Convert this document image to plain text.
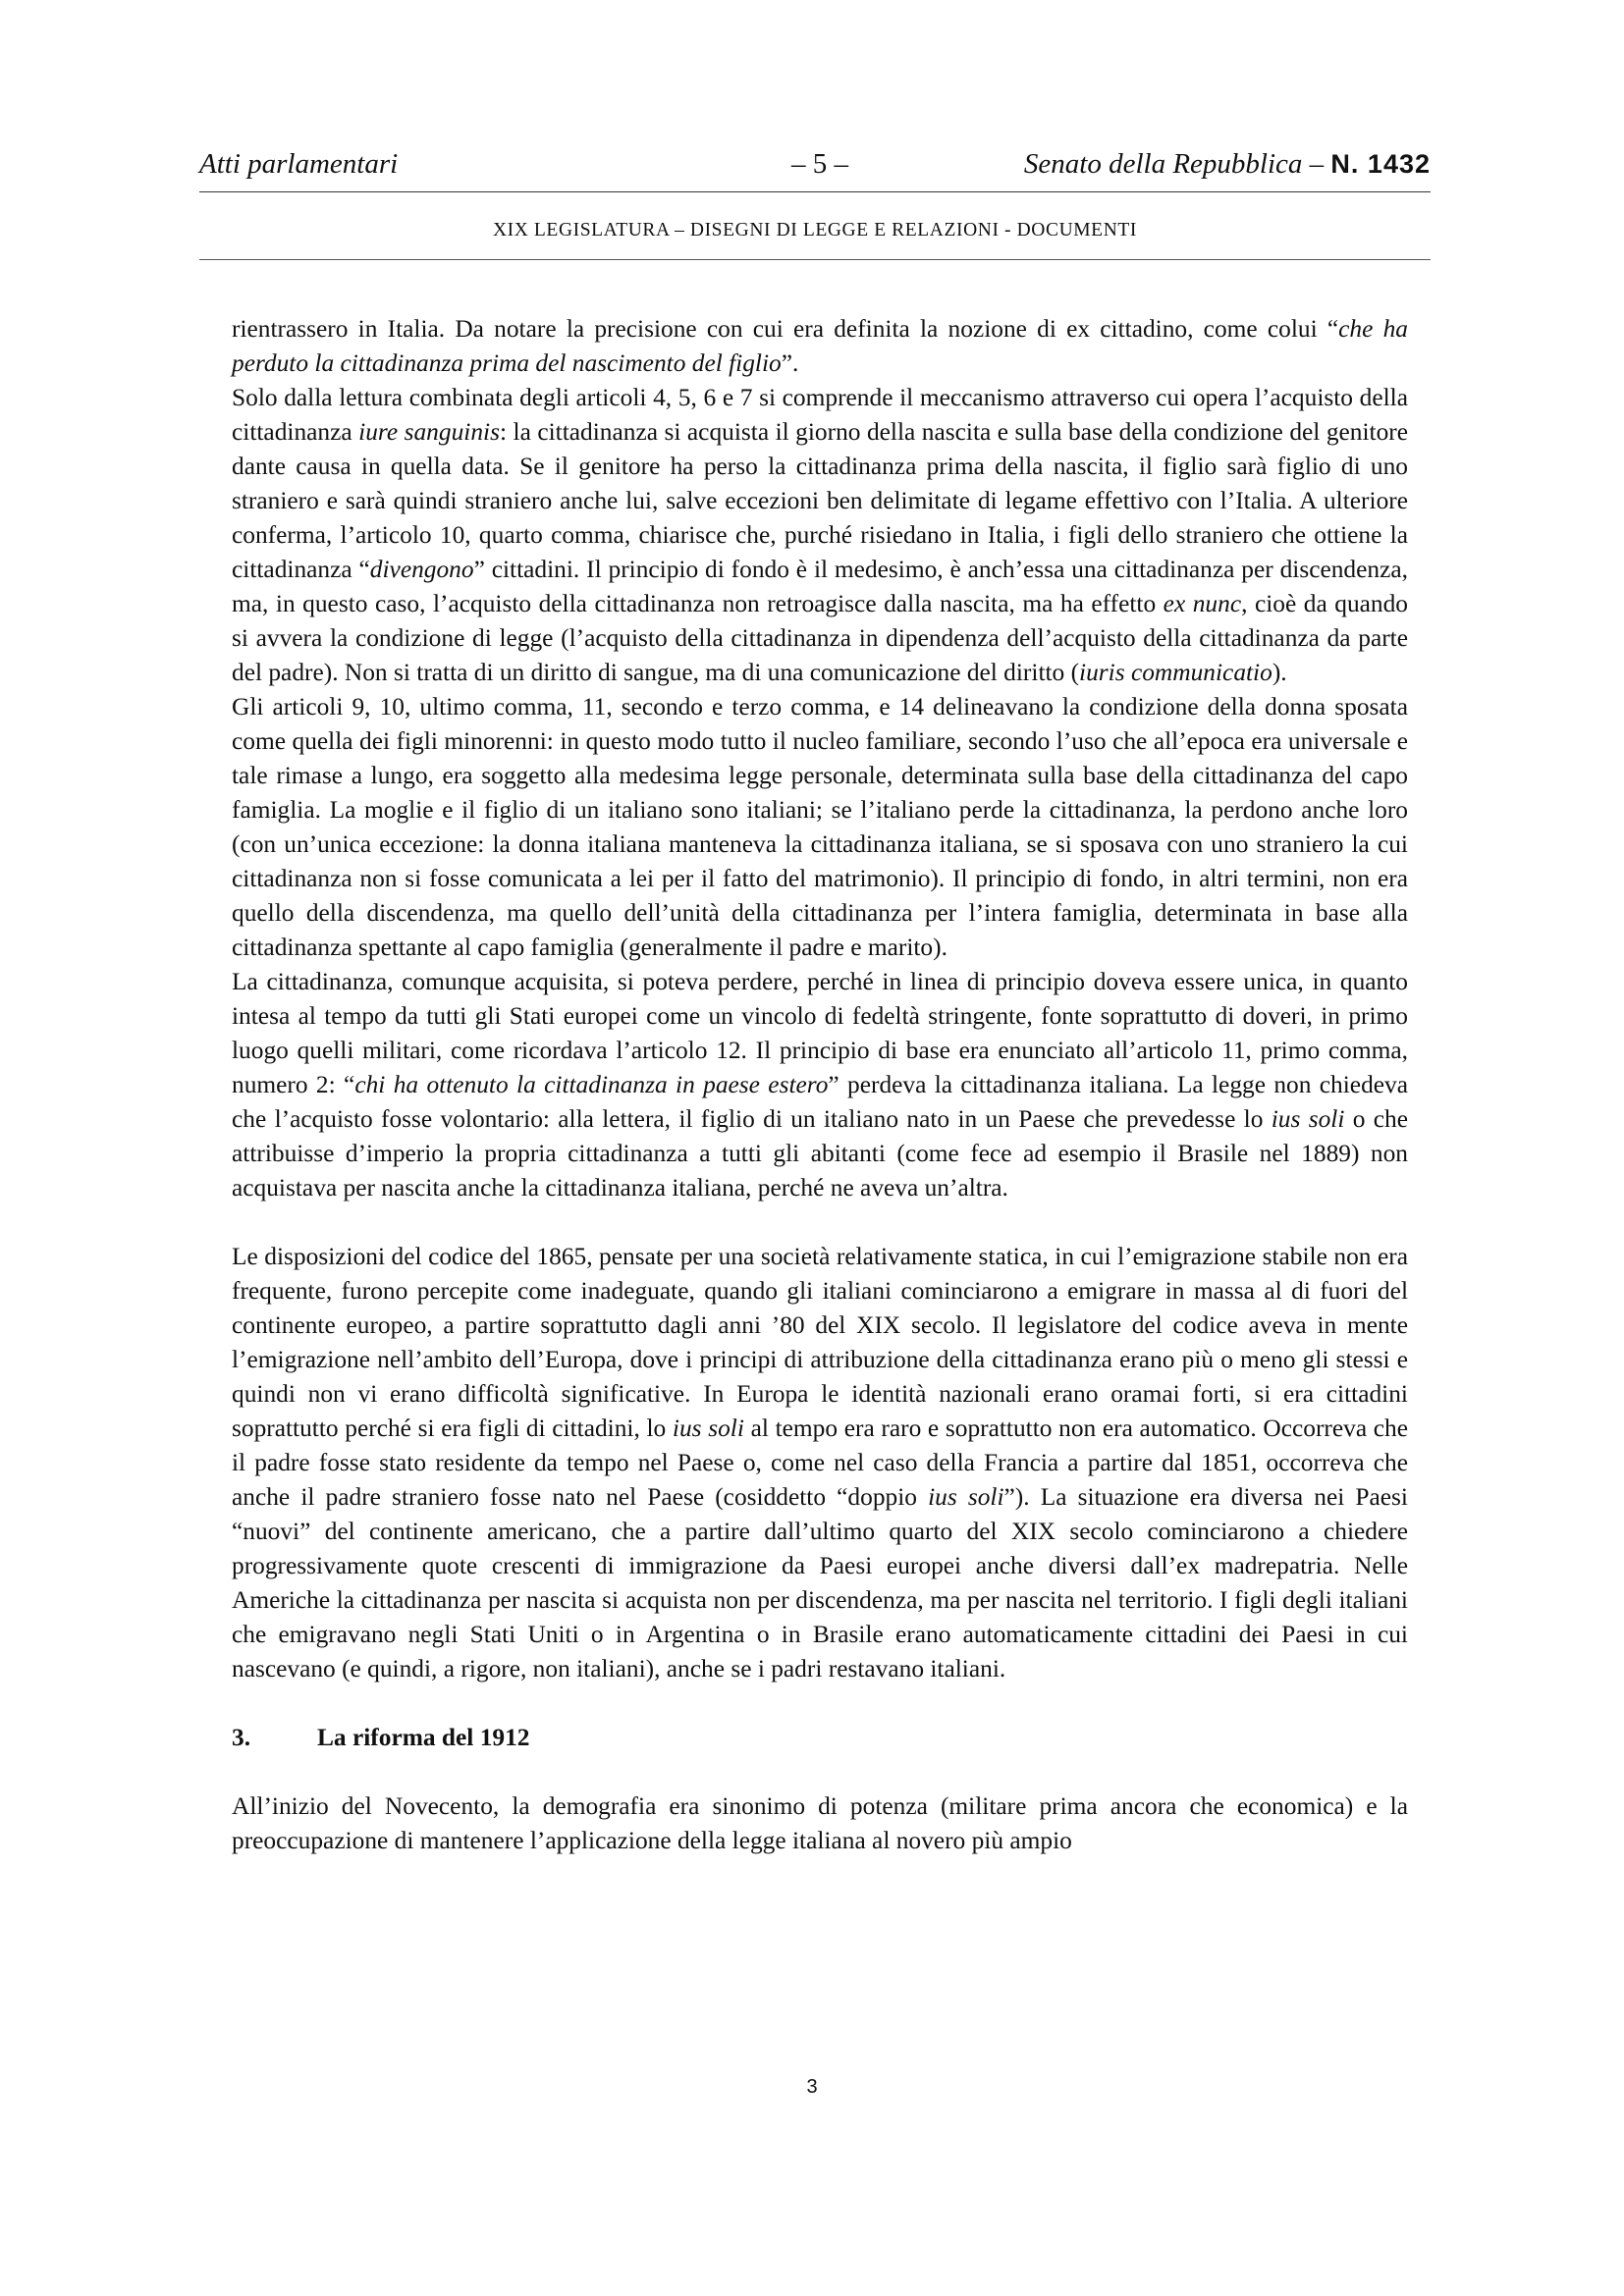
Atti parlamentari	– 5 –	Senato della Repubblica – N. 1432
XIX LEGISLATURA – DISEGNI DI LEGGE E RELAZIONI - DOCUMENTI

rientrassero in Italia. Da notare la precisione con cui era definita la nozione di ex cittadino, come colui “che ha perduto la cittadinanza prima del nascimento del figlio”.

Solo dalla lettura combinata degli articoli 4, 5, 6 e 7 si comprende il meccanismo attraverso cui opera l’acquisto della cittadinanza iure sanguinis: la cittadinanza si acquista il giorno della nascita e sulla base della condizione del genitore dante causa in quella data. Se il genitore ha perso la cittadinanza prima della nascita, il figlio sarà figlio di uno straniero e sarà quindi straniero anche lui, salve eccezioni ben delimitate di legame effettivo con l’Italia. A ulteriore conferma, l’articolo 10, quarto comma, chiarisce che, purché risiedano in Italia, i figli dello straniero che ottiene la cittadinanza “divengono” cittadini. Il principio di fondo è il medesimo, è anch’essa una cittadinanza per discendenza, ma, in questo caso, l’acquisto della cittadinanza non retroagisce dalla nascita, ma ha effetto ex nunc, cioè da quando si avvera la condizione di legge (l’acquisto della cittadinanza in dipendenza dell’acquisto della cittadinanza da parte del padre). Non si tratta di un diritto di sangue, ma di una comunicazione del diritto (iuris communicatio).

Gli articoli 9, 10, ultimo comma, 11, secondo e terzo comma, e 14 delineavano la condizione della donna sposata come quella dei figli minorenni: in questo modo tutto il nucleo familiare, secondo l’uso che all’epoca era universale e tale rimase a lungo, era soggetto alla medesima legge personale, determinata sulla base della cittadinanza del capo famiglia. La moglie e il figlio di un italiano sono italiani; se l’italiano perde la cittadinanza, la perdono anche loro (con un’unica eccezione: la donna italiana manteneva la cittadinanza italiana, se si sposava con uno straniero la cui cittadinanza non si fosse comunicata a lei per il fatto del matrimonio). Il principio di fondo, in altri termini, non era quello della discendenza, ma quello dell’unità della cittadinanza per l’intera famiglia, determinata in base alla cittadinanza spettante al capo famiglia (generalmente il padre e marito).

La cittadinanza, comunque acquisita, si poteva perdere, perché in linea di principio doveva essere unica, in quanto intesa al tempo da tutti gli Stati europei come un vincolo di fedeltà stringente, fonte soprattutto di doveri, in primo luogo quelli militari, come ricordava l’articolo 12. Il principio di base era enunciato all’articolo 11, primo comma, numero 2: “chi ha ottenuto la cittadinanza in paese estero” perdeva la cittadinanza italiana. La legge non chiedeva che l’acquisto fosse volontario: alla lettera, il figlio di un italiano nato in un Paese che prevedesse lo ius soli o che attribuisse d’imperio la propria cittadinanza a tutti gli abitanti (come fece ad esempio il Brasile nel 1889) non acquistava per nascita anche la cittadinanza italiana, perché ne aveva un’altra.

Le disposizioni del codice del 1865, pensate per una società relativamente statica, in cui l’emigrazione stabile non era frequente, furono percepite come inadeguate, quando gli italiani cominciarono a emigrare in massa al di fuori del continente europeo, a partire soprattutto dagli anni ’80 del XIX secolo. Il legislatore del codice aveva in mente l’emigrazione nell’ambito dell’Europa, dove i principi di attribuzione della cittadinanza erano più o meno gli stessi e quindi non vi erano difficoltà significative. In Europa le identità nazionali erano oramai forti, si era cittadini soprattutto perché si era figli di cittadini, lo ius soli al tempo era raro e soprattutto non era automatico. Occorreva che il padre fosse stato residente da tempo nel Paese o, come nel caso della Francia a partire dal 1851, occorreva che anche il padre straniero fosse nato nel Paese (cosiddetto “doppio ius soli”). La situazione era diversa nei Paesi “nuovi” del continente americano, che a partire dall’ultimo quarto del XIX secolo cominciarono a chiedere progressivamente quote crescenti di immigrazione da Paesi europei anche diversi dall’ex madrepatria. Nelle Americhe la cittadinanza per nascita si acquista non per discendenza, ma per nascita nel territorio. I figli degli italiani che emigravano negli Stati Uniti o in Argentina o in Brasile erano automaticamente cittadini dei Paesi in cui nascevano (e quindi, a rigore, non italiani), anche se i padri restavano italiani.

3.	La riforma del 1912

All’inizio del Novecento, la demografia era sinonimo di potenza (militare prima ancora che economica) e la preoccupazione di mantenere l’applicazione della legge italiana al novero più ampio

3
